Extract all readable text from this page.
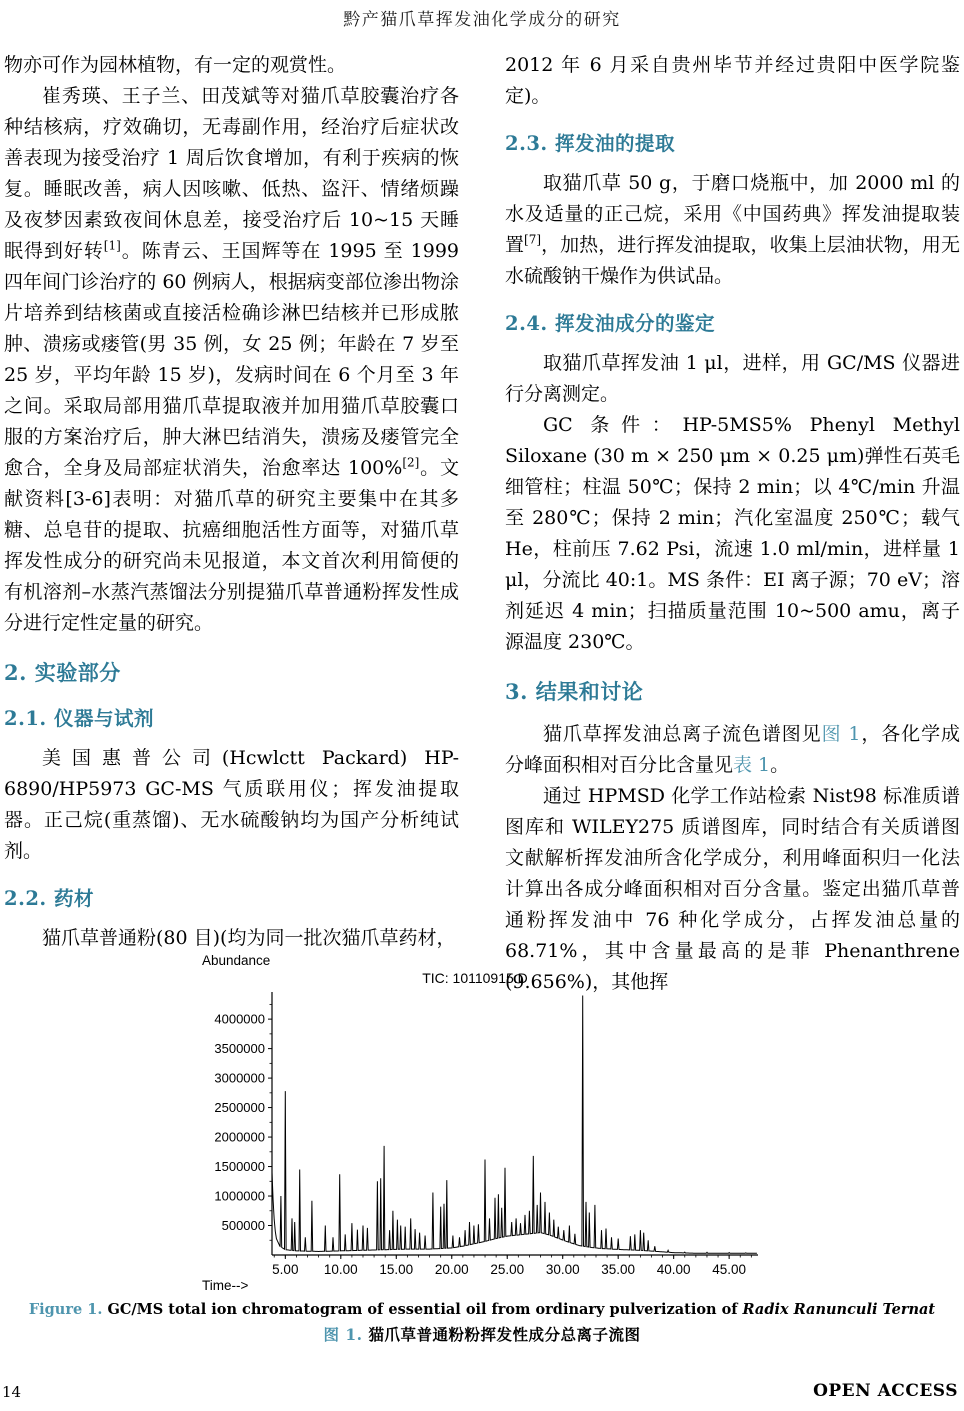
黔产猫爪草挥发油化学成分的研究

物亦可作为园林植物，有一定的观赏性。

崔秀瑛、王子兰、田茂斌等对猫爪草胶囊治疗各种结核病，疗效确切，无毒副作用，经治疗后症状改善表现为接受治疗 1 周后饮食增加，有利于疾病的恢复。睡眠改善，病人因咳嗽、低热、盗汗、情绪烦躁及夜梦因素致夜间休息差，接受治疗后 10~15 天睡眠得到好转[1]。陈青云、王国辉等在 1995 至 1999 四年间门诊治疗的 60 例病人，根据病变部位渗出物涂片培养到结核菌或直接活检确诊淋巴结核并已形成脓肿、溃疡或瘘管(男 35 例，女 25 例；年龄在 7 岁至 25 岁，平均年龄 15 岁)，发病时间在 6 个月至 3 年之间。采取局部用猫爪草提取液并加用猫爪草胶囊口服的方案治疗后，肿大淋巴结消失，溃疡及瘘管完全愈合，全身及局部症状消失，治愈率达 100%[2]。文献资料[3-6]表明：对猫爪草的研究主要集中在其多糖、总皂苷的提取、抗癌细胞活性方面等，对猫爪草挥发性成分的研究尚未见报道，本文首次利用简便的有机溶剂–水蒸汽蒸馏法分别提猫爪草普通粉挥发性成分进行定性定量的研究。

2. 实验部分
2.1. 仪器与试剂

美国惠普公司(Hcwlctt Packard) HP-6890/HP5973 GC-MS 气质联用仪；挥发油提取器。正己烷(重蒸馏)、无水硫酸钠均为国产分析纯试剂。

2.2. 药材

猫爪草普通粉(80 目)(均为同一批次猫爪草药材，

2012 年 6 月采自贵州毕节并经过贵阳中医学院鉴定)。

2.3. 挥发油的提取

取猫爪草 50 g，于磨口烧瓶中，加 2000 ml 的水及适量的正己烷，采用《中国药典》挥发油提取装置[7]，加热，进行挥发油提取，收集上层油状物，用无水硫酸钠干燥作为供试品。

2.4. 挥发油成分的鉴定

取猫爪草挥发油 1 μl，进样，用 GC/MS 仪器进行分离测定。

GC 条件：HP-5MS5% Phenyl Methyl Siloxane (30 m × 250 μm × 0.25 μm)弹性石英毛细管柱；柱温 50℃；保持 2 min；以 4℃/min 升温至 280℃；保持 2 min；汽化室温度 250℃；载气 He，柱前压 7.62 Psi，流速 1.0 ml/min，进样量 1 μl，分流比 40:1。MS 条件：EI 离子源；70 eV；溶剂延迟 4 min；扫描质量范围 10~500 amu，离子源温度 230℃。

3. 结果和讨论

猫爪草挥发油总离子流色谱图见图 1，各化学成分峰面积相对百分比含量见表 1。

通过 HPMSD 化学工作站检索 Nist98 标准质谱图库和 WILEY275 质谱图库，同时结合有关质谱图文献解析挥发油所含化学成分，利用峰面积归一化法计算出各成分峰面积相对百分含量。鉴定出猫爪草普通粉挥发油中 76 种化学成分，占挥发油总量的 68.71%，其中含量最高的是菲 Phenanthrene (9.656%)，其他挥

500000
1000000
1500000
2000000
2500000
3000000
3500000
4000000
5.00 10.00 15.00 20.00 25.00 30.00 35.00 40.00 45.00
TIC: 10110915.D
Abundance
Time-->
Figure 1. GC/MS total ion chromatogram of essential oil from ordinary pulverization of Radix Ranunculi Ternat
图 1. 猫爪草普通粉粉挥发性成分总离子流图
14	OPEN ACCESS
